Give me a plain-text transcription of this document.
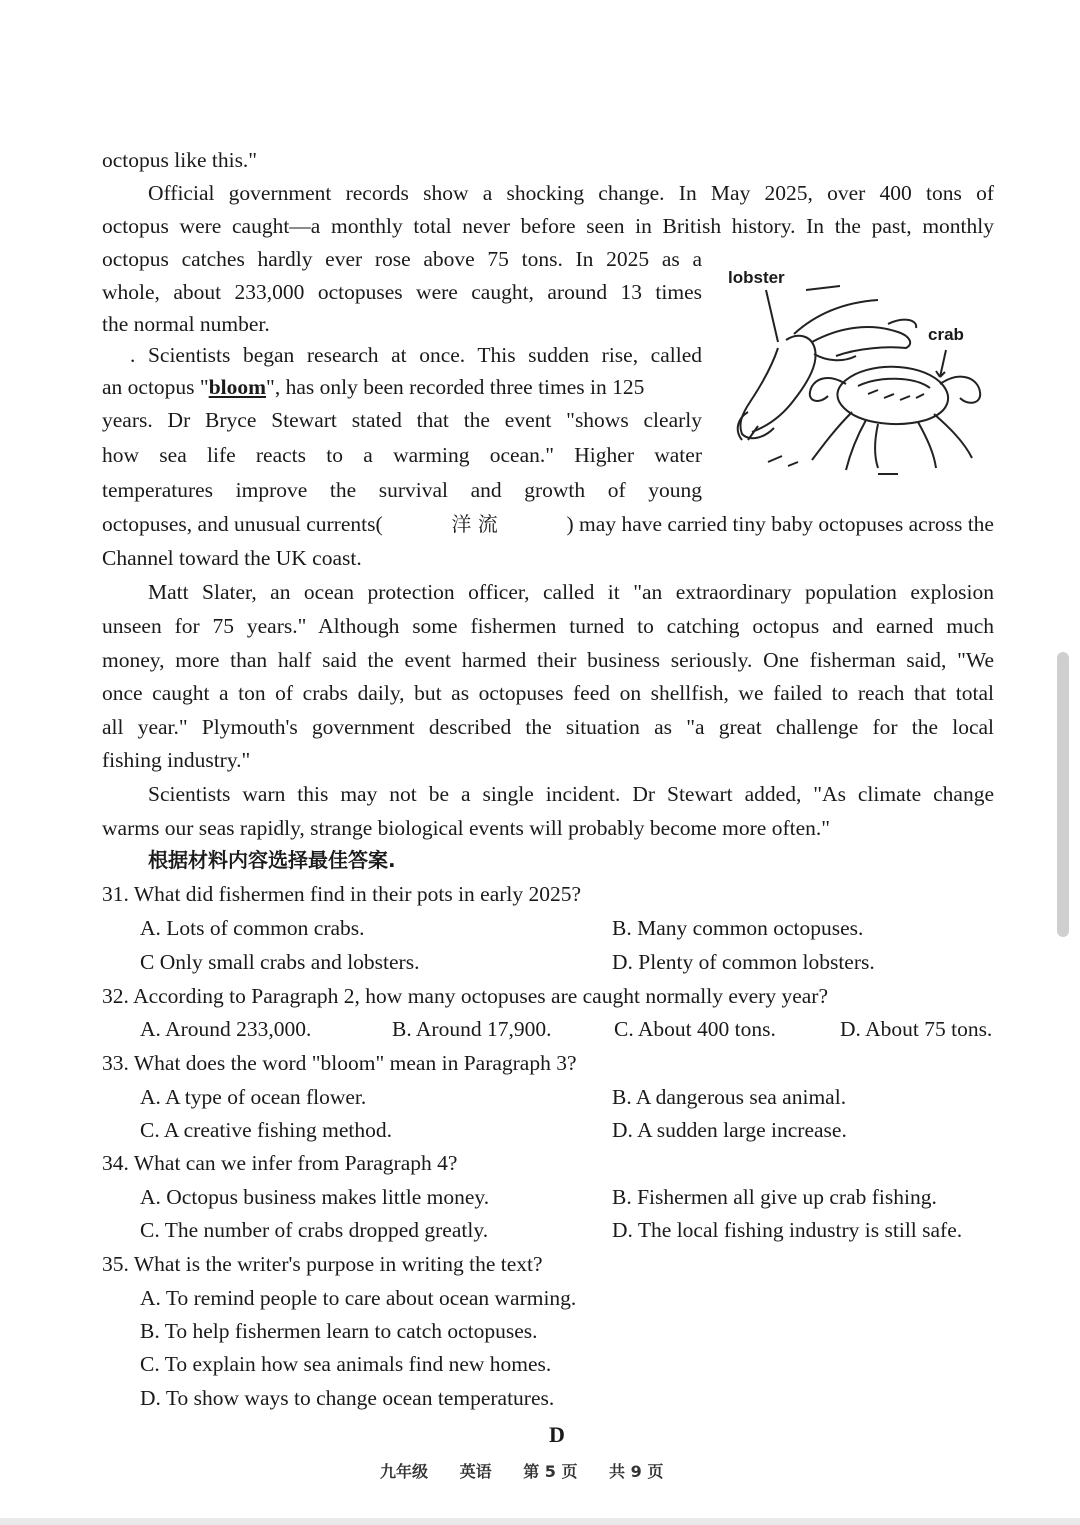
octopus like this."
Official government records show a shocking change. In May 2025, over 400 tons of
octopus were caught—a monthly total never before seen in British history. In the past, monthly
octopus catches hardly ever rose above 75 tons. In 2025 as a
whole, about 233,000 octopuses were caught, around 13 times
the normal number.
. Scientists began research at once. This sudden rise, called
an octopus "bloom", has only been recorded three times in 125
years. Dr Bryce Stewart stated that the event "shows clearly
how sea life reacts to a warming ocean." Higher water
temperatures improve the survival and growth of young
octopuses, and unusual currents(	洋 流	) may have carried tiny baby octopuses across the
Channel toward the UK coast.
Matt Slater, an ocean protection officer, called it "an extraordinary population explosion
unseen for 75 years." Although some fishermen turned to catching octopus and earned much
money, more than half said the event harmed their business seriously. One fisherman said, "We
once caught a ton of crabs daily, but as octopuses feed on shellfish, we failed to reach that total
all year." Plymouth's government described the situation as "a great challenge for the local
fishing industry."
Scientists warn this may not be a single incident. Dr Stewart added, "As climate change
warms our seas rapidly, strange biological events will probably become more often."
lobster
crab
根据材料内容选择最佳答案.
31. What did fishermen find in their pots in early 2025?
A. Lots of common crabs.	B. Many common octopuses.
C Only small crabs and lobsters.	D. Plenty of common lobsters.
32. According to Paragraph 2, how many octopuses are caught normally every year?
A. Around 233,000.	B. Around 17,900.	C. About 400 tons.	D. About 75 tons.
33. What does the word "bloom" mean in Paragraph 3?
A. A type of ocean flower.	B. A dangerous sea animal.
C. A creative fishing method.	D. A sudden large increase.
34. What can we infer from Paragraph 4?
A. Octopus business makes little money.	B. Fishermen all give up crab fishing.
C. The number of crabs dropped greatly.	D. The local fishing industry is still safe.
35. What is the writer's purpose in writing the text?
A. To remind people to care about ocean warming.
B. To help fishermen learn to catch octopuses.
C. To explain how sea animals find new homes.
D. To show ways to change ocean temperatures.
D
九年级 英语 第 5 页 共 9 页
